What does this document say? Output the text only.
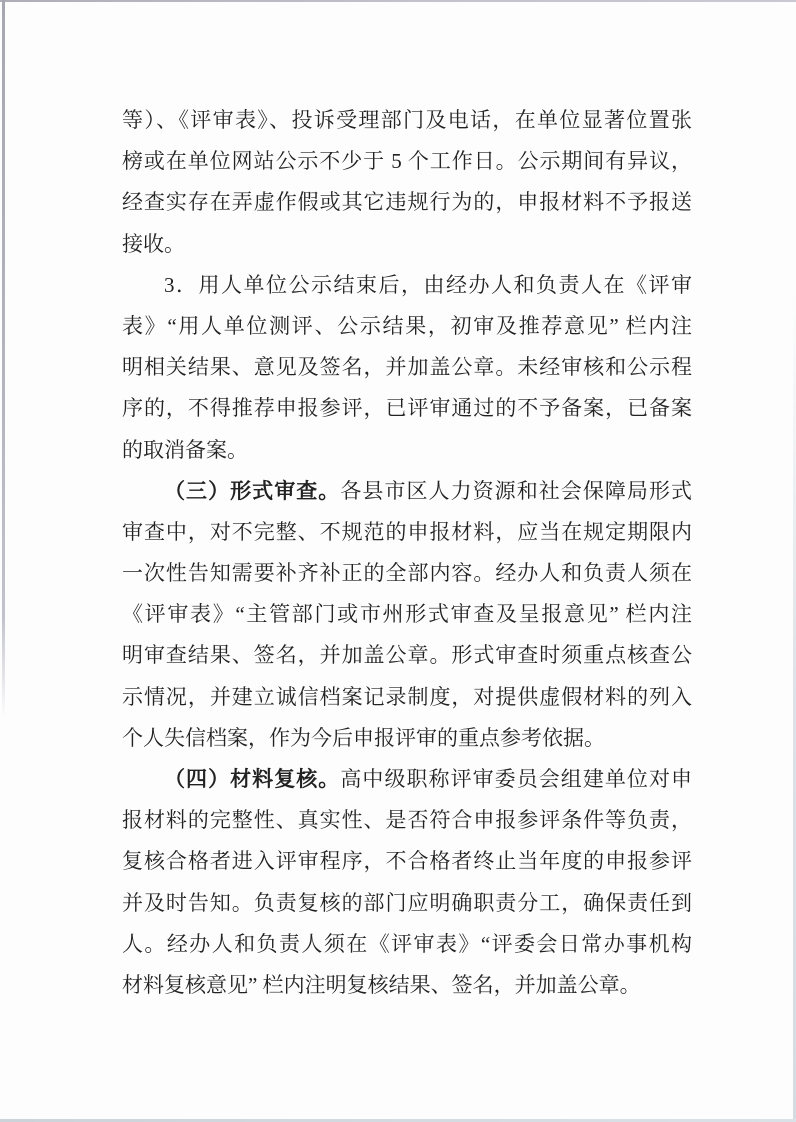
等）、《评审表》、投诉受理部门及电话，在单位显著位置张
榜或在单位网站公示不少于 5 个工作日。公示期间有异议，
经查实存在弄虚作假或其它违规行为的，申报材料不予报送
接收。
3．用人单位公示结束后，由经办人和负责人在《评审
表》“用人单位测评、公示结果，初审及推荐意见” 栏内注
明相关结果、意见及签名，并加盖公章。未经审核和公示程
序的，不得推荐申报参评，已评审通过的不予备案，已备案
的取消备案。
（三）形式审查。各县市区人力资源和社会保障局形式
审查中，对不完整、不规范的申报材料，应当在规定期限内
一次性告知需要补齐补正的全部内容。经办人和负责人须在
《评审表》“主管部门或市州形式审查及呈报意见” 栏内注
明审查结果、签名，并加盖公章。形式审查时须重点核查公
示情况，并建立诚信档案记录制度，对提供虚假材料的列入
个人失信档案，作为今后申报评审的重点参考依据。
（四）材料复核。高中级职称评审委员会组建单位对申
报材料的完整性、真实性、是否符合申报参评条件等负责，
复核合格者进入评审程序，不合格者终止当年度的申报参评
并及时告知。负责复核的部门应明确职责分工，确保责任到
人。经办人和负责人须在《评审表》“评委会日常办事机构
材料复核意见” 栏内注明复核结果、签名，并加盖公章。
